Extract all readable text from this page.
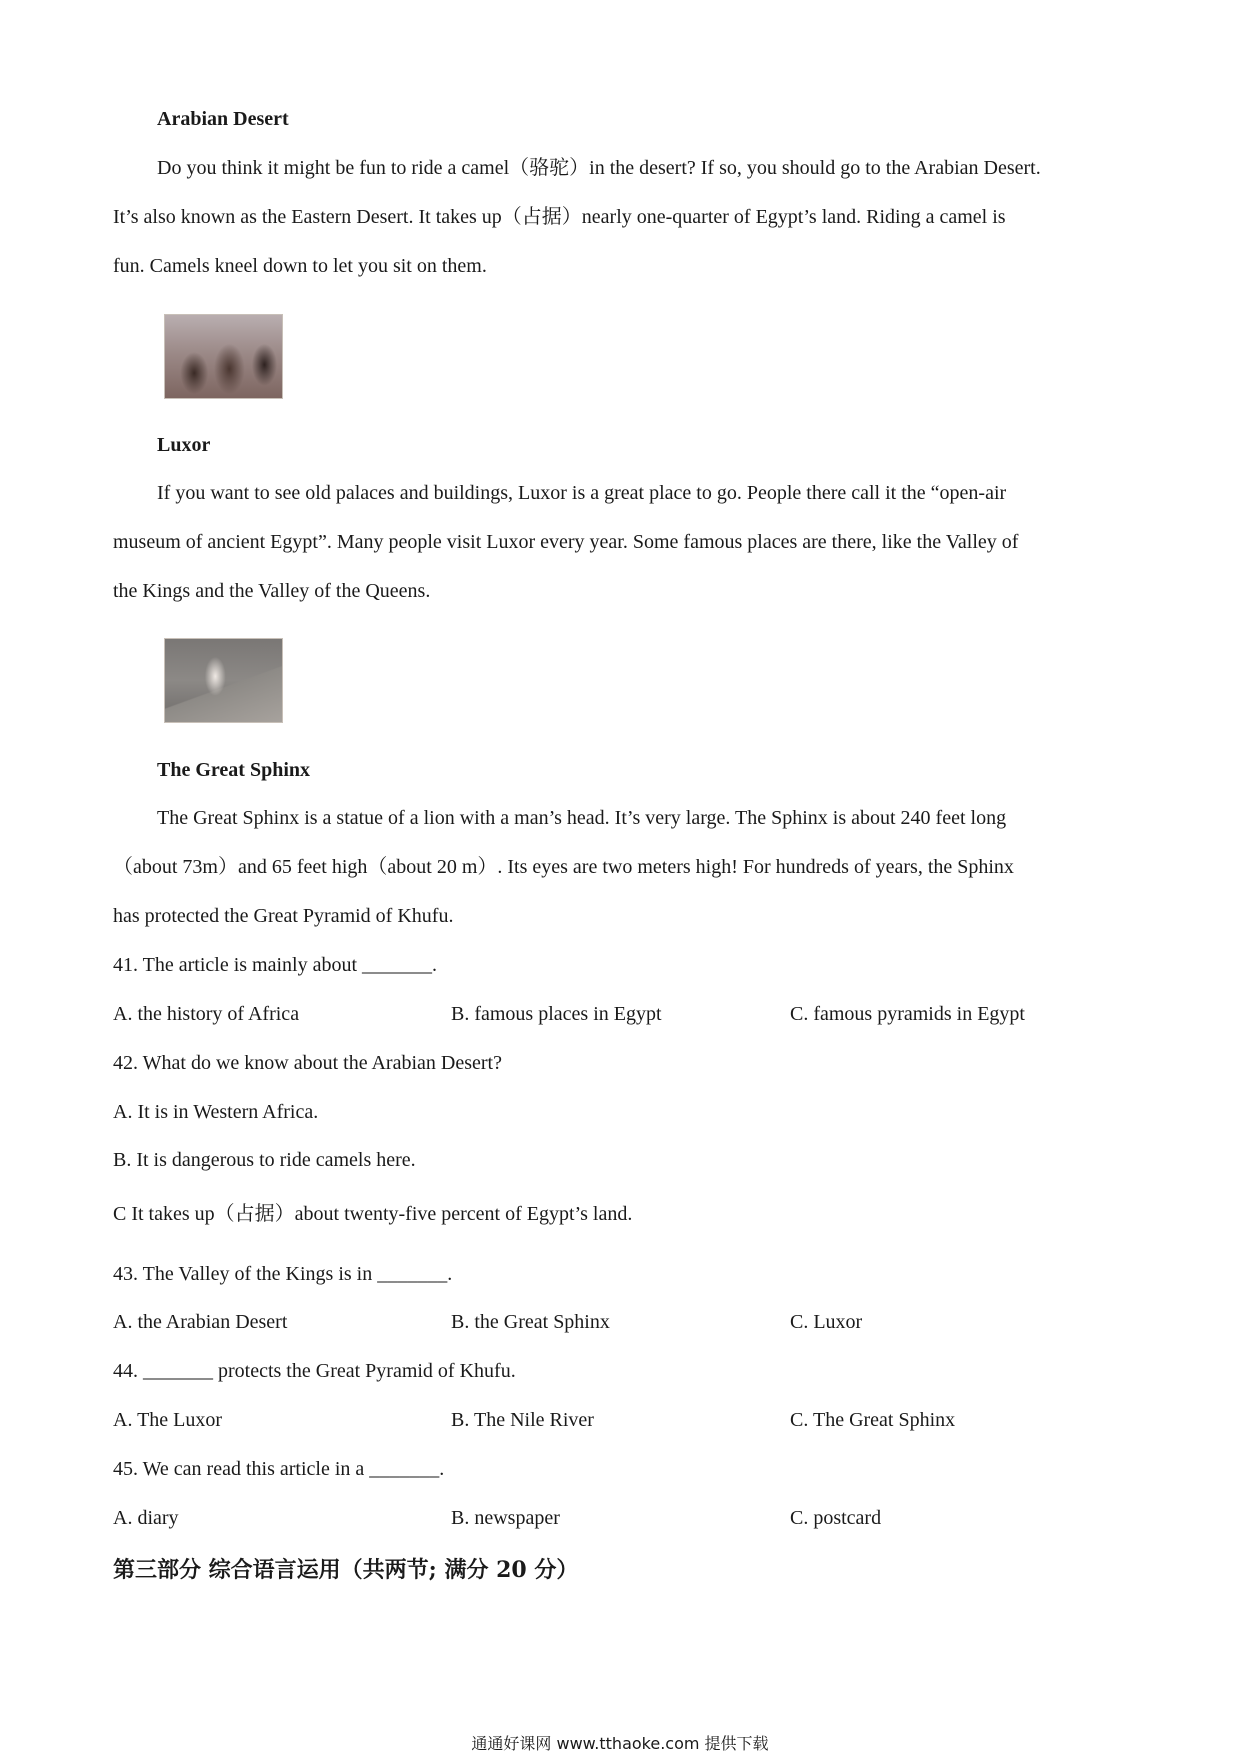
Arabian Desert
Do you think it might be fun to ride a camel（骆驼）in the desert? If so, you should go to the Arabian Desert.
It’s also known as the Eastern Desert. It takes up（占据）nearly one-quarter of Egypt’s land. Riding a camel is
fun. Camels kneel down to let you sit on them.
Luxor
If you want to see old palaces and buildings, Luxor is a great place to go. People there call it the “open-air
museum of ancient Egypt”. Many people visit Luxor every year. Some famous places are there, like the Valley of
the Kings and the Valley of the Queens.
The Great Sphinx
The Great Sphinx is a statue of a lion with a man’s head. It’s very large. The Sphinx is about 240 feet long
（about 73m）and 65 feet high（about 20 m）. Its eyes are two meters high! For hundreds of years, the Sphinx
has protected the Great Pyramid of Khufu.
41. The article is mainly about _______.
A. the history of Africa	B. famous places in Egypt	C. famous pyramids in Egypt
42. What do we know about the Arabian Desert?
A. It is in Western Africa.
B. It is dangerous to ride camels here.
C It takes up（占据）about twenty-five percent of Egypt’s land.
43. The Valley of the Kings is in _______.
A. the Arabian Desert	B. the Great Sphinx	C. Luxor
44. _______ protects the Great Pyramid of Khufu.
A. The Luxor	B. The Nile River	C. The Great Sphinx
45. We can read this article in a _______.
A. diary	B. newspaper	C. postcard
第三部分 综合语言运用（共两节; 满分 20 分）
通通好课网 www.tthaoke.com 提供下载
